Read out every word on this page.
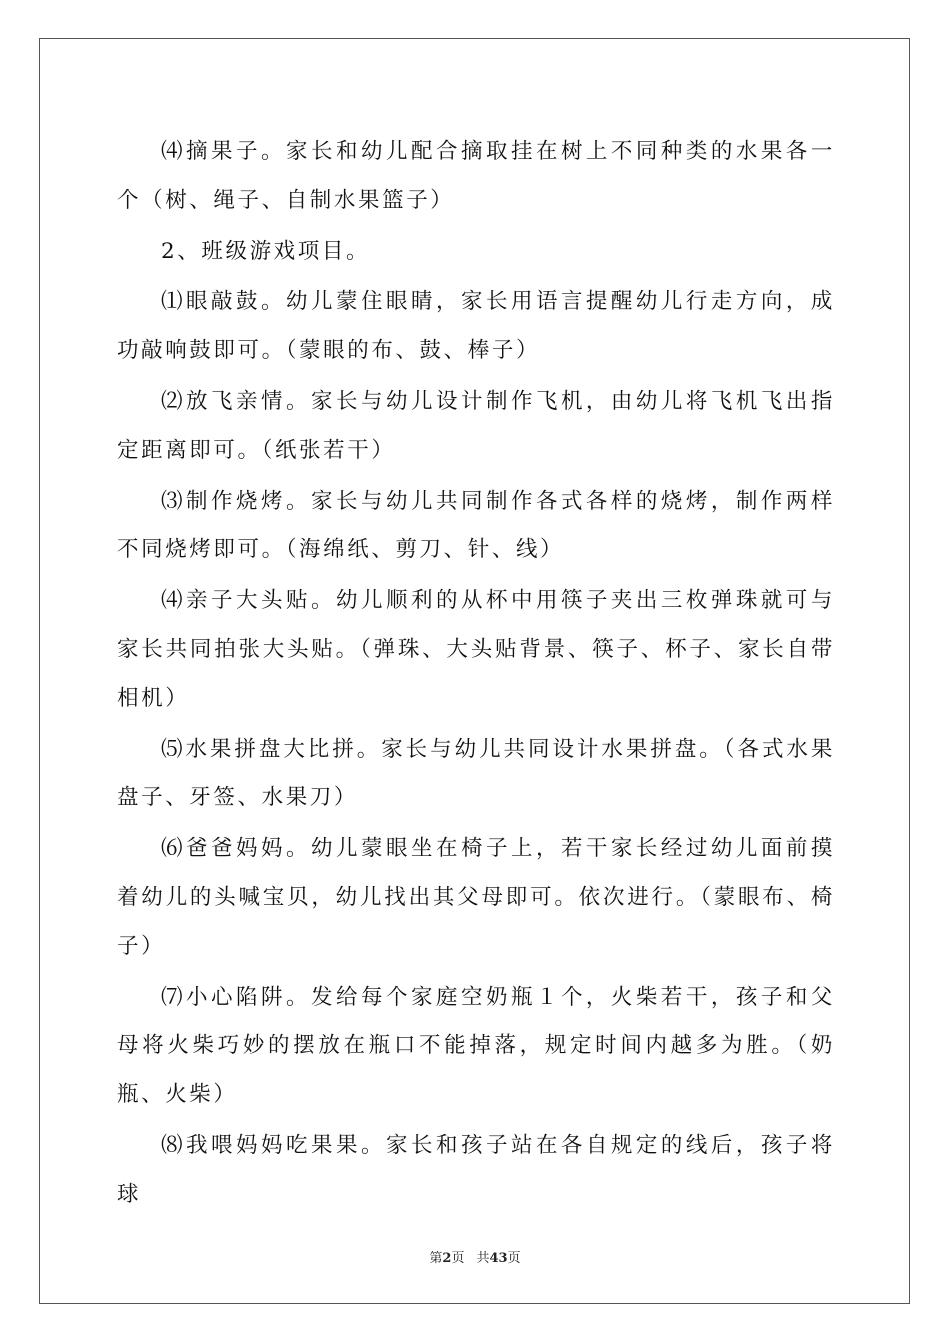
⑷摘果子。家长和幼儿配合摘取挂在树上不同种类的水果各一个（树、绳子、自制水果篮子）

2、班级游戏项目。

⑴眼敲鼓。幼儿蒙住眼睛，家长用语言提醒幼儿行走方向，成功敲响鼓即可。（蒙眼的布、鼓、棒子）

⑵放飞亲情。家长与幼儿设计制作飞机，由幼儿将飞机飞出指定距离即可。（纸张若干）

⑶制作烧烤。家长与幼儿共同制作各式各样的烧烤，制作两样不同烧烤即可。（海绵纸、剪刀、针、线）

⑷亲子大头贴。幼儿顺利的从杯中用筷子夹出三枚弹珠就可与家长共同拍张大头贴。（弹珠、大头贴背景、筷子、杯子、家长自带相机）

⑸水果拼盘大比拼。家长与幼儿共同设计水果拼盘。（各式水果盘子、牙签、水果刀）

⑹爸爸妈妈。幼儿蒙眼坐在椅子上，若干家长经过幼儿面前摸着幼儿的头喊宝贝，幼儿找出其父母即可。依次进行。（蒙眼布、椅子）

⑺小心陷阱。发给每个家庭空奶瓶１个，火柴若干，孩子和父母将火柴巧妙的摆放在瓶口不能掉落，规定时间内越多为胜。（奶瓶、火柴）

⑻我喂妈妈吃果果。家长和孩子站在各自规定的线后，孩子将球

第2页 共43页
